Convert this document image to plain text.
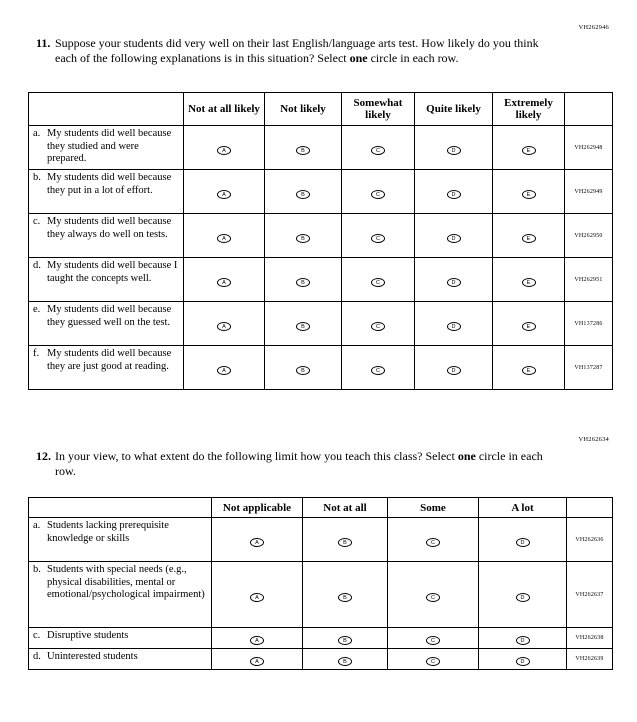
VH262946
11. Suppose your students did very well on their last English/language arts test. How likely do you think each of the following explanations is in this situation? Select one circle in each row.
	Not at all likely	Not likely	Somewhat likely	Quite likely	Extremely likely	

a. My students did well because they studied and were prepared.	A	B	C	D	E	VH262948

b. My students did well because they put in a lot of effort.	A	B	C	D	E	VH262949

c. My students did well because they always do well on tests.	A	B	C	D	E	VH262950

d. My students did well because I taught the concepts well.	A	B	C	D	E	VH262951

e. My students did well because they guessed well on the test.	A	B	C	D	E	VH137286

f. My students did well because they are just good at reading.	A	B	C	D	E	VH137287
VH262634
12. In your view, to what extent do the following limit how you teach this class? Select one circle in each row.
	Not applicable	Not at all	Some	A lot	

a. Students lacking prerequisite knowledge or skills	A	B	C	D	VH262636

b. Students with special needs (e.g., physical disabilities, mental or emotional/psychological impairment)	A	B	C	D	VH262637

c. Disruptive students	A	B	C	D	VH262638

d. Uninterested students	A	B	C	D	VH262639
